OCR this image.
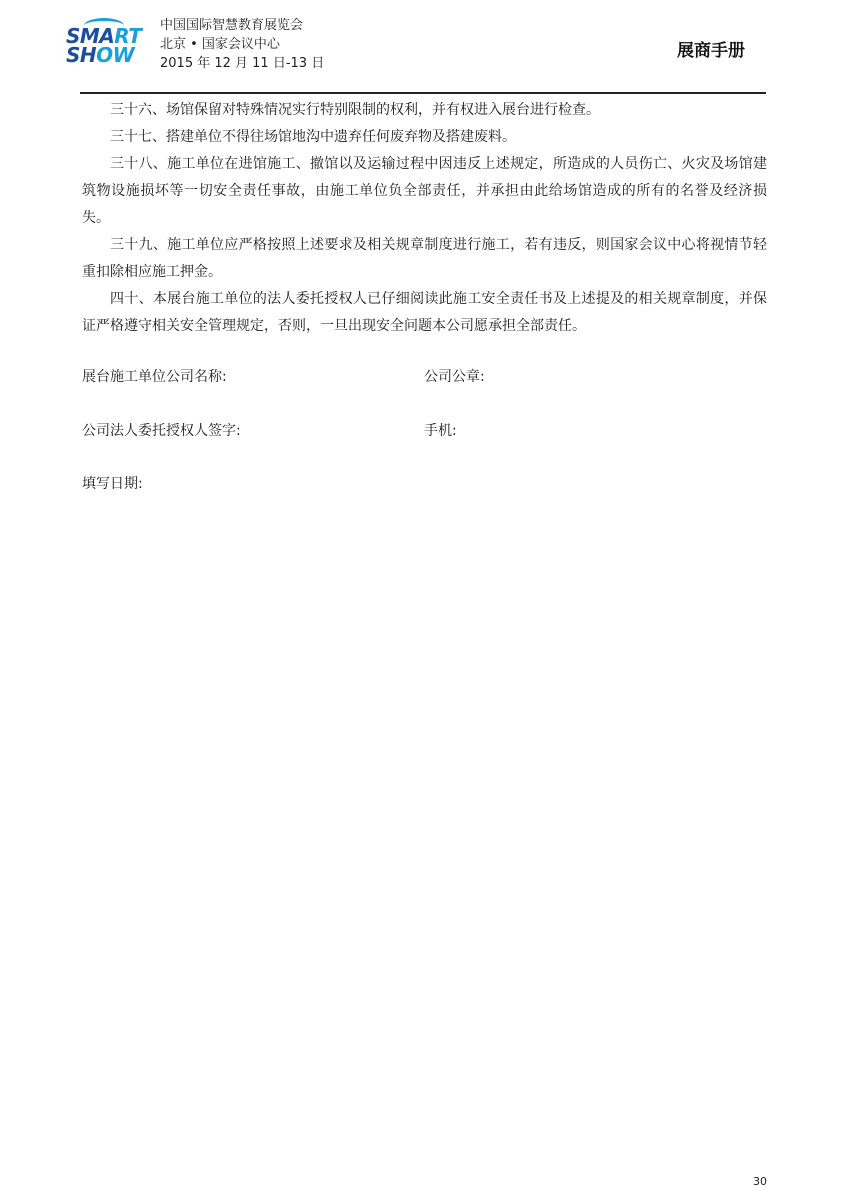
SMART
SHOW
中国国际智慧教育展览会
北京 • 国家会议中心
2015 年 12 月 11 日-13 日
展商手册

三十六、场馆保留对特殊情况实行特别限制的权利，并有权进入展台进行检查。

三十七、搭建单位不得往场馆地沟中遗弃任何废弃物及搭建废料。

三十八、施工单位在进馆施工、撤馆以及运输过程中因违反上述规定，所造成的人员伤亡、火灾及场馆建筑物设施损坏等一切安全责任事故，由施工单位负全部责任，并承担由此给场馆造成的所有的名誉及经济损失。

三十九、施工单位应严格按照上述要求及相关规章制度进行施工，若有违反，则国家会议中心将视情节轻重扣除相应施工押金。

四十、本展台施工单位的法人委托授权人已仔细阅读此施工安全责任书及上述提及的相关规章制度，并保证严格遵守相关安全管理规定，否则，一旦出现安全问题本公司愿承担全部责任。

展台施工单位公司名称:	公司公章:
公司法人委托授权人签字:	手机:
填写日期:
30
